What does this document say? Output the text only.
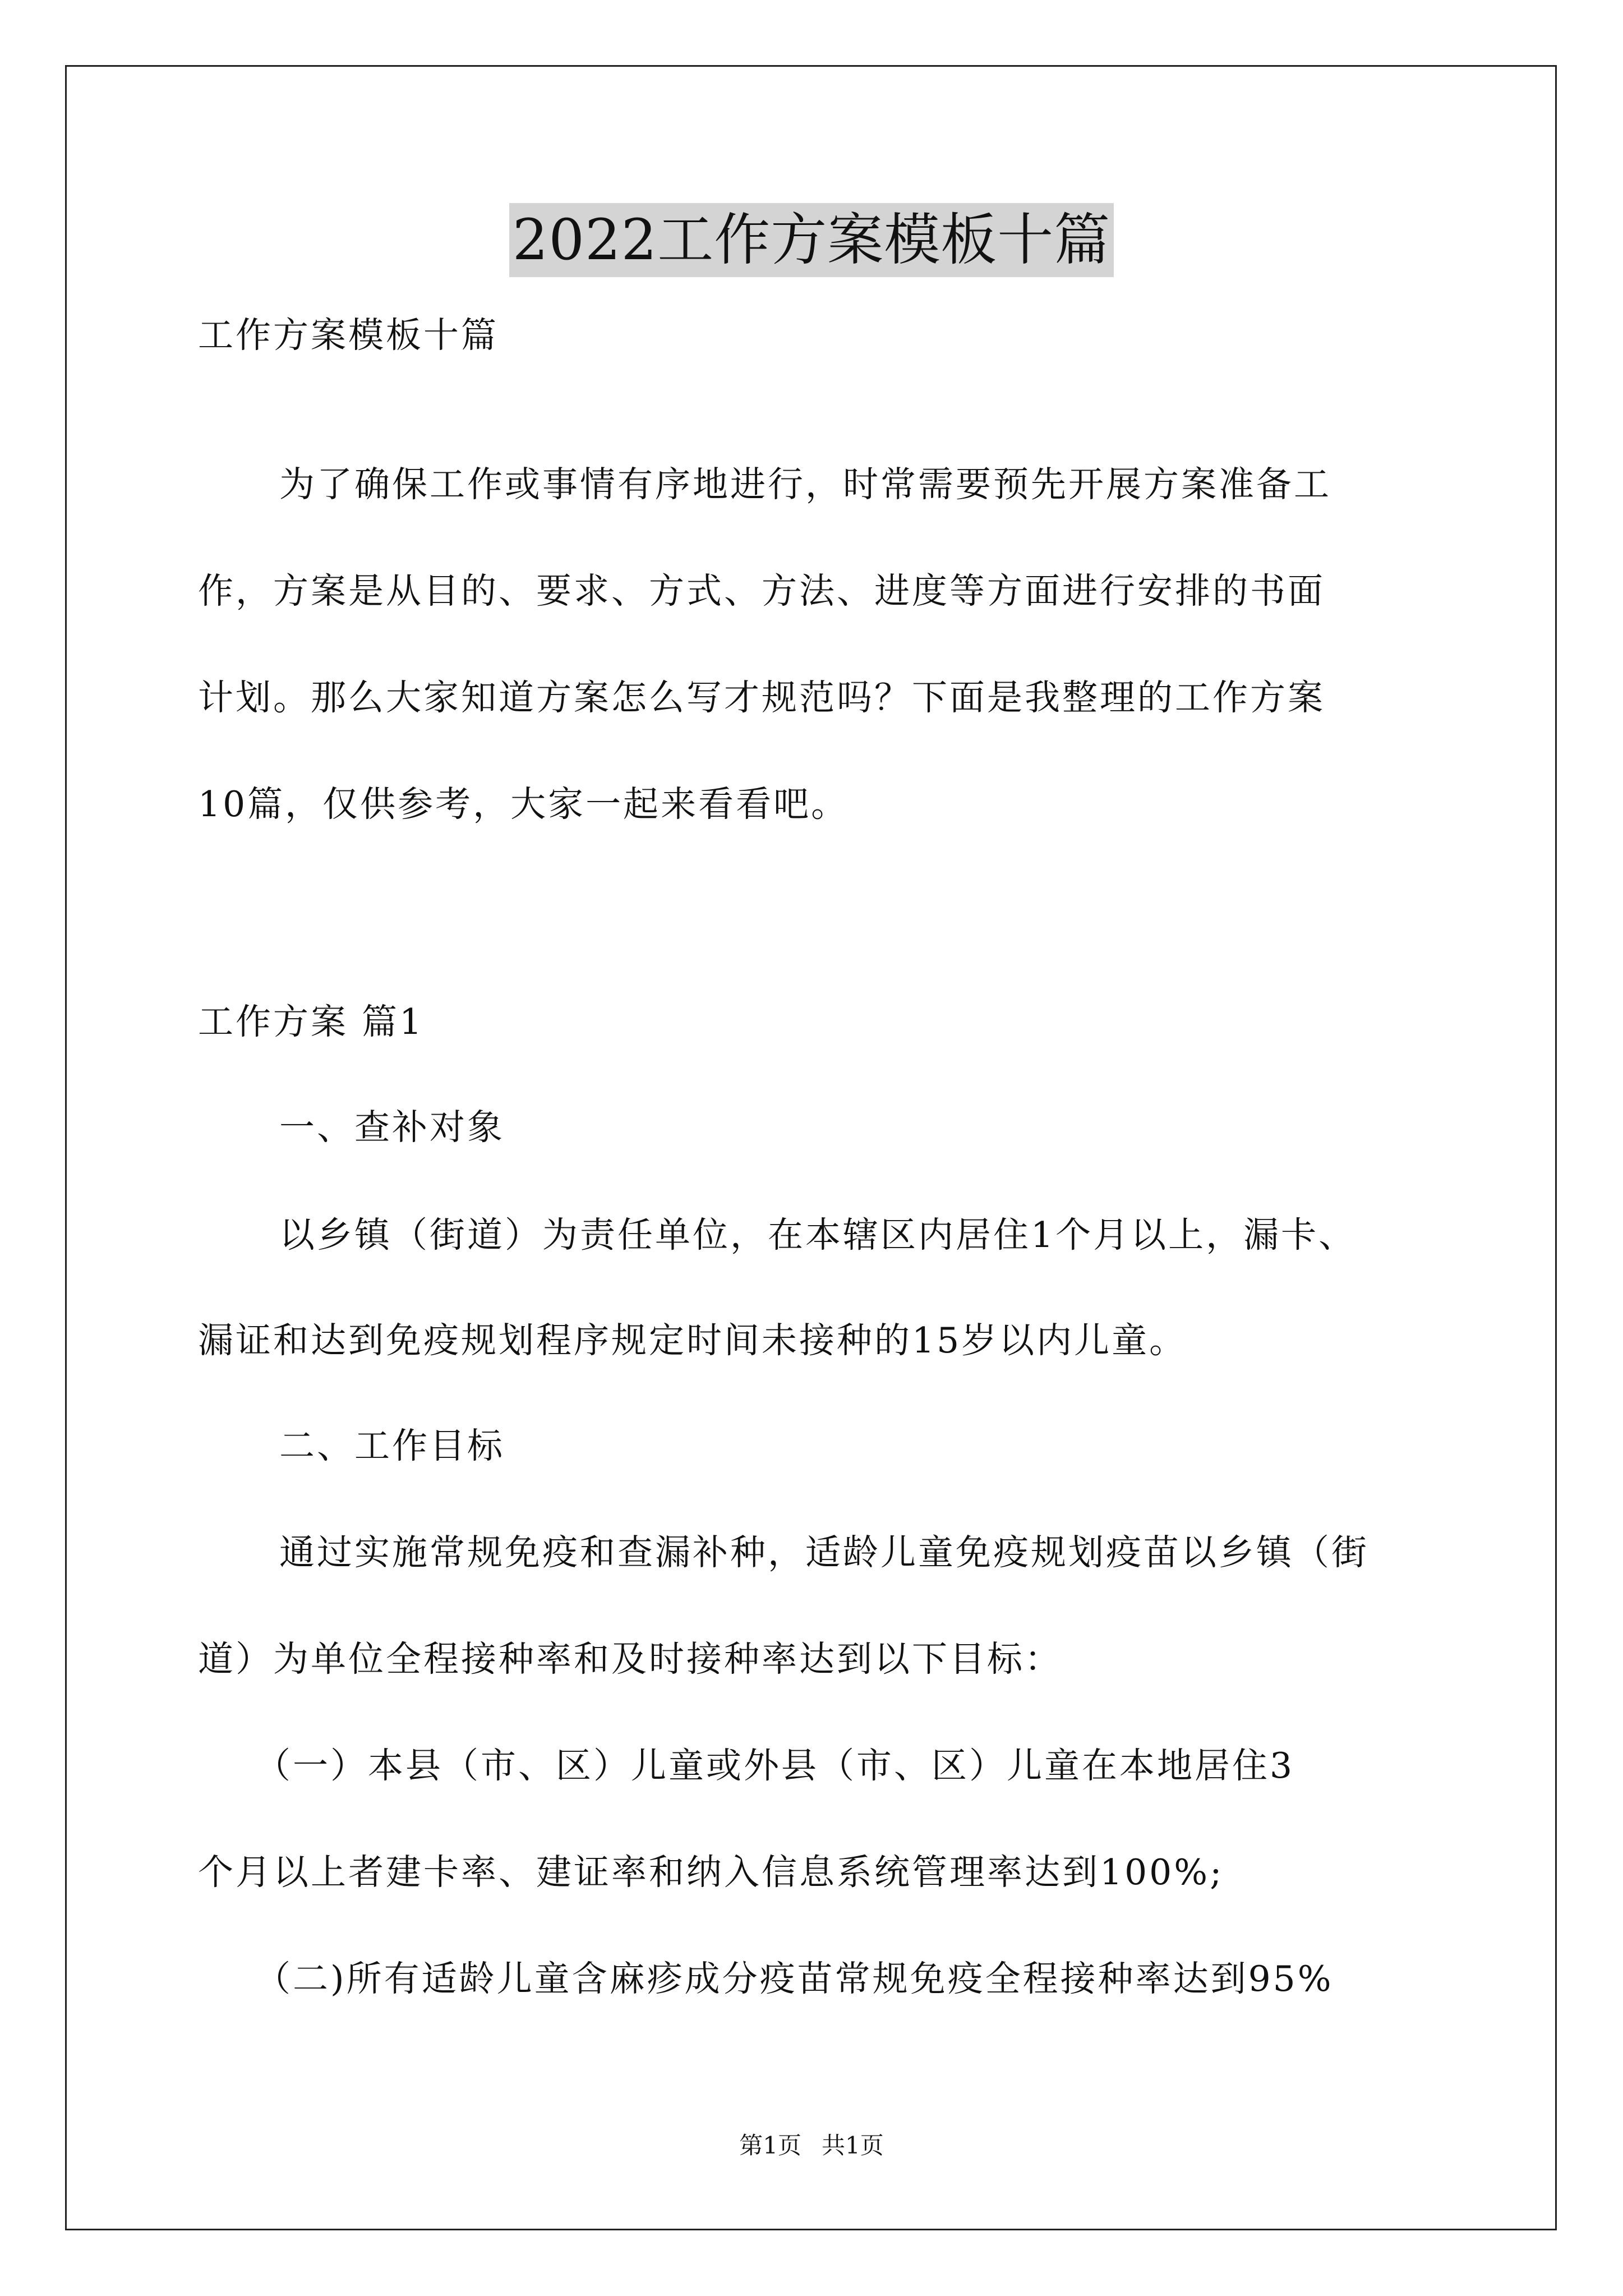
2022工作方案模板十篇
工作方案模板十篇
为了确保工作或事情有序地进行，时常需要预先开展方案准备工
作，方案是从目的、要求、方式、方法、进度等方面进行安排的书面
计划。那么大家知道方案怎么写才规范吗？下面是我整理的工作方案
10篇，仅供参考，大家一起来看看吧。
工作方案 篇1
一、查补对象
以乡镇（街道）为责任单位，在本辖区内居住1个月以上，漏卡、
漏证和达到免疫规划程序规定时间未接种的15岁以内儿童。
二、工作目标
通过实施常规免疫和查漏补种，适龄儿童免疫规划疫苗以乡镇（街
道）为单位全程接种率和及时接种率达到以下目标：
（一）本县（市、区）儿童或外县（市、区）儿童在本地居住3
个月以上者建卡率、建证率和纳入信息系统管理率达到100%;
（二)所有适龄儿童含麻疹成分疫苗常规免疫全程接种率达到95%
第1页 共1页
